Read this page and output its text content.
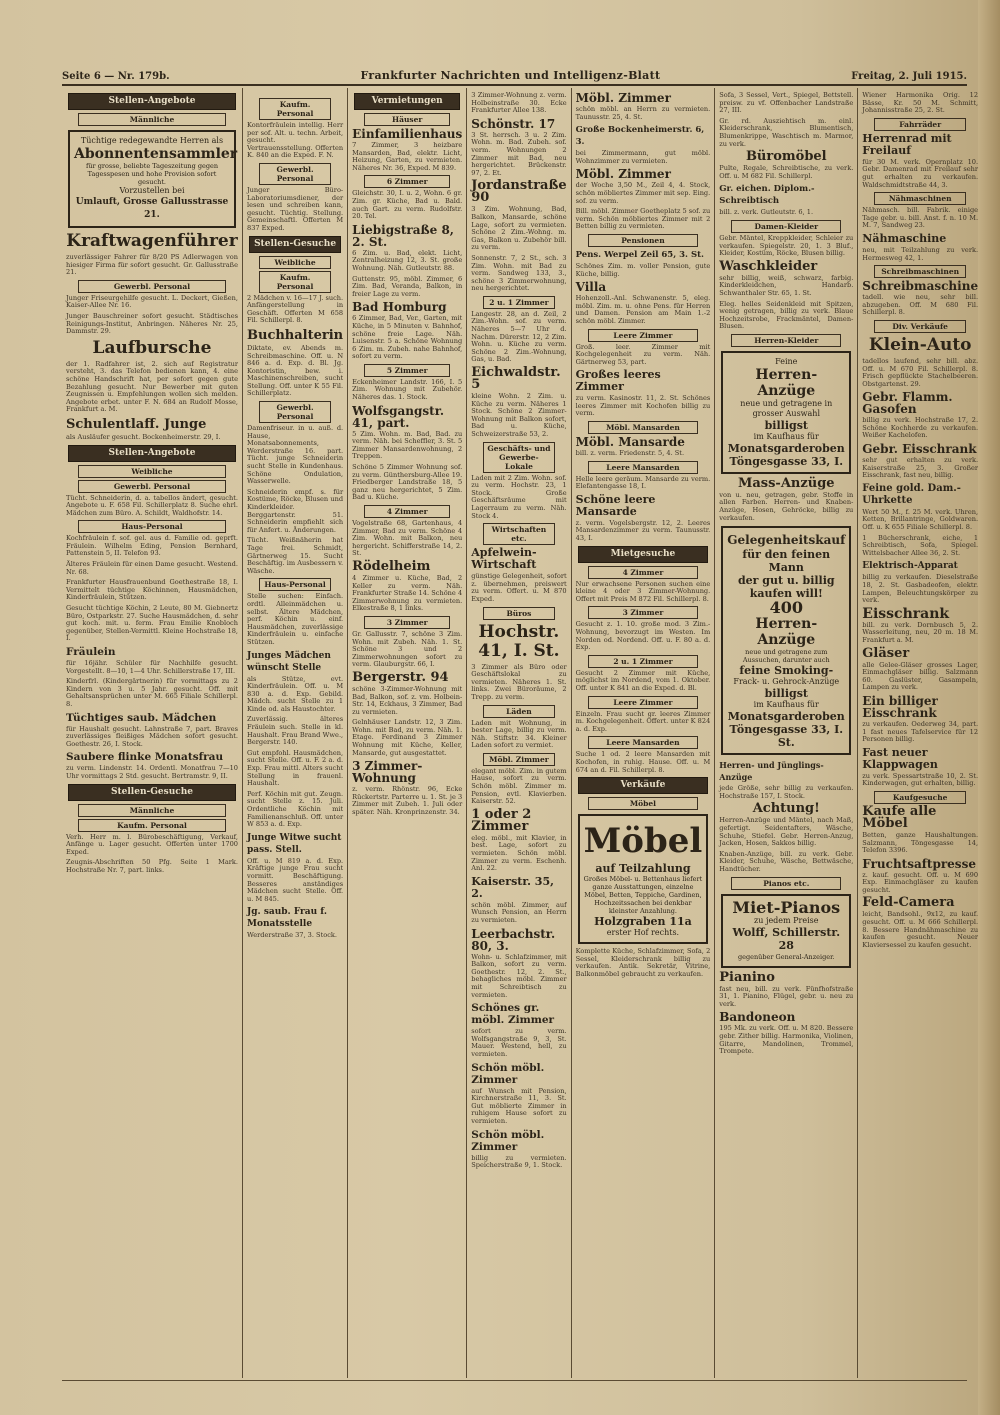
Seite 6 — Nr. 179b.	Frankfurter Nachrichten und Intelligenz-Blatt	Freitag, 2. Juli 1915.
Stellen-Angebote
Männliche
Tüchtige redegewandte Herren als
Abonnentensammler
für grosse, beliebte Tageszeitung gegen Tagesspesen und hohe Provision sofort gesucht.
Vorzustellen bei
Umlauft, Grosse Gallusstrasse 21.
Kraftwagenführer
zuverlässiger Fahrer für 8/20 PS Adlerwagen von hiesiger Firma für sofort gesucht. Gr. Gallusstraße 21.
Gewerbl. Personal
Junger Friseurgehilfe gesucht. L. Deckert, Gießen, Kaiser-Allee Nr. 16.
Junger Bauschreiner sofort gesucht. Städtisches Reinigungs-Institut, Anbringen. Näheres Nr. 25, Dammstr. 29.
Laufbursche
der 1. Radfahrer ist, 2. sich auf Registratur versteht, 3. das Telefon bedienen kann, 4. eine schöne Handschrift hat, per sofort gegen gute Bezahlung gesucht. Nur Bewerber mit guten Zeugnissen u. Empfehlungen wollen sich melden. Angebote erbet. unter F. N. 684 an Rudolf Mosse, Frankfurt a. M.
Schulentlaff. Junge
als Ausläufer gesucht. Bockenheimerstr. 29, I.
Stellen-Angebote
Weibliche
Gewerbl. Personal
Tücht. Schneiderin, d. a. tabellos ändert, gesucht. Angebote u. F. 658 Fil. Schillerplatz 8. Suche ehrl. Mädchen zum Büro. A. Schildt, Waldhofstr. 14.
Haus-Personal
Kochfräulein f. sof. gel. aus d. Familie od. geprft. Fräulein. Wilhelm Eding, Pension Bernhard, Pattenstein 5, II. Telefon 93.
Älteres Fräulein für einen Dame gesucht. Westend. Nr. 68.
Frankfurter Hausfrauenbund Goethestraße 18, I. Vermittelt tüchtige Köchinnen, Hausmädchen, Kinderfräulein, Stützen.
Gesucht tüchtige Köchin, 2 Leute, 80 M. Giebnertz Büro, Ostparkstr. 27. Suche Hausmädchen, d. sehr gut koch. mit. u. ferm. Frau Emilie Knobloch gegenüber, Stellen-Vermittl. Kleine Hochstraße 18, I.
Fräulein
für 16jähr. Schüler für Nachhilfe gesucht. Vorgestellt. 8—10, 1—4 Uhr. Schillerstraße 17, III.
Kinderfrl. (Kindergärtnerin) für vormittags zu 2 Kindern von 3 u. 5 Jahr. gesucht. Off. mit Gehaltsansprüchen unter M. 665 Filiale Schillerpl. 8.
Tüchtiges saub. Mädchen
für Haushalt gesucht. Lahnstraße 7, part. Braves zuverlässiges fleißiges Mädchen sofort gesucht. Goethestr. 26, I. Stock.
Saubere flinke Monatsfrau
zu verm. Lindenstr. 14. Ordentl. Monatfrau 7—10 Uhr vormittags 2 Std. gesucht. Bertramstr. 9, II.
Stellen-Gesuche
Männliche
Kaufm. Personal
Verh. Herr m. l. Bürobeschäftigung, Verkauf, Anfänge u. Lager gesucht. Offerten unter 1700 Exped.
Zeugnis-Abschriften 50 Pfg. Seite 1 Mark. Hochstraße Nr. 7, part. links.
Kaufm. Personal
Kontorfräulein intellig. Herr per sof. Alt. u. techn. Arbeit, gesucht. Vertrauensstellung. Offerten K. 840 an die Exped. F. N.
Gewerbl. Personal
Junger Büro-Laboratoriumsdiener, der lesen und schreiben kann, gesucht. Tüchtig. Stellung. Gemeinschaftl. Offerten M 837 Exped.
Stellen-Gesuche
Weibliche
Kaufm. Personal
2 Mädchen v. 16—17 J. such. Anfängerstellung in Geschäft. Offerten M 658 Fil. Schillerpl. 8.
Buchhalterin
Diktate, ev. Abends m. Schreibmaschine. Off. u. N 846 a. d. Exp. d. Bl. Jg. Kontoristin, bew. i. Maschinenschreiben, sucht Stellung. Off. unter K 55 Fil. Schillerplatz.
Gewerbl. Personal
Damenfriseur. in u. auß. d. Hause, Monatsabonnements, Werderstraße 16. part. Tücht. junge Schneiderin sucht Stelle in Kundenhaus. Schöne Ondulation, Wasserwelle.
Schneiderin empf. s. für Kostüme, Röcke, Blusen und Kinderkleider. Berggartenstr. 51. Schneiderin empfiehlt sich für Anfert. u. Änderungen.
Tücht. Weißnäherin hat Tage frei. Schmidt, Gärtnerweg 15. Sucht Beschäftig. im Ausbessern v. Wäsche.
Haus-Personal
Stelle suchen: Einfach. ordtl. Alleinmädchen u. selbst. Ältere Mädchen, perf. Köchin u. einf. Hausmädchen, zuverlässige Kinderfräulein u. einfache Stützen.
Junges Mädchen wünscht Stelle
als Stütze, evt. Kinderfräulein. Off. u. M 830 a. d. Exp. Gebild. Mädch. sucht Stelle zu 1 Kinde od. als Haustochter.
Zuverlässig. älteres Fräulein such. Stelle in kl. Haushalt. Frau Brand Wwe., Bergerstr. 140.
Gut empfohl. Hausmädchen, sucht Stelle. Off. u. F. 2 a. d. Exp. Frau mittl. Alters sucht Stellung in frauenl. Haushalt.
Perf. Köchin mit gut. Zeugn. sucht Stelle z. 15. Juli. Ordentliche Köchin mit Familienanschluß. Off. unter W 853 a. d. Exp.
Junge Witwe sucht pass. Stell.
Off. u. M 819 a. d. Exp. Kräftige junge Frau sucht vormitt. Beschäftigung. Besseres anständiges Mädchen sucht Stelle. Off. u. M 845.
Jg. saub. Frau f. Monatsstelle
Werderstraße 37, 3. Stock.
Vermietungen
Häuser
Einfamilienhaus
7 Zimmer, 3 heizbare Mansarden, Bad, elektr. Licht, Heizung, Garten, zu vermieten. Näheres Nr. 36, Exped. M 839.
6 Zimmer
Gleichstr. 30, I. u. 2, Wohn. 6 gr. Zim. gr. Küche, Bad u. Bald. auch Gart. zu verm. Rudolfstr. 20. Tel.
Liebigstraße 8, 2. St.
6 Zim. u. Bad, elekt. Licht, Zentralheizung 12, 3. St. große Wohnung. Näh. Gutleutstr. 88.
Guttenstr. 95, möbl. Zimmer, 6 Zim. Bad, Veranda, Balkon, in freier Lage zu verm.
Bad Homburg
6 Zimmer, Bad, Ver., Garten, mit Küche, in 5 Minuten v. Bahnhof, schöne freie Lage. Näh. Luisenstr. 5 a. Schöne Wohnung 6 Zim. m. Zubeh. nahe Bahnhof, sofort zu verm.
5 Zimmer
Eckenheimer Landstr. 166, I. 5 Zim. Wohnung mit Zubehör. Näheres das. 1. Stock.
Wolfsgangstr. 41, part.
5 Zim. Wohn. m. Bad, Bad. zu verm. Näh. bei Scheffler, 3. St. 5 Zimmer Mansardenwohnung, 2 Treppen.
Schöne 5 Zimmer Wohnung sof. zu verm. Günthersburg-Allee 19. Friedberger Landstraße 18, 5 ganz neu hergerichtet, 5 Zim. Bad u. Küche.
4 Zimmer
Vogelstraße 68, Gartenhaus, 4 Zimmer, Bad zu verm. Schöne 4 Zim. Wohn. mit Balkon, neu hergericht. Schifferstraße 14, 2. St.
Rödelheim
4 Zimmer u. Küche, Bad, 2 Keller zu verm. Näh. Frankfurter Straße 14. Schöne 4 Zimmerwohnung zu vermieten. Elkestraße 8, 1 links.
3 Zimmer
Gr. Gallusstr. 7, schöne 3 Zim. Wohn. mit Zubeh. Näh. 1. St. Schöne 3 und 2 Zimmerwohnungen sofort zu verm. Glauburgstr. 66, I.
Bergerstr. 94
schöne 3-Zimmer-Wohnung mit Bad, Balkon, sof. z. vm. Holbein-Str. 14, Eckhaus, 3 Zimmer, Bad zu vermieten.
Gelnhäuser Landstr. 12, 3 Zim. Wohn. mit Bad, zu verm. Näh. 1. Etage. Ferdinand 3 Zimmer Wohnung mit Küche, Keller, Mansarde, gut ausgestattet.
3 Zimmer-Wohnung
z. verm. Rhönstr. 96, Ecke Rückertstr. Parterre u. 1. St. je 3 Zimmer mit Zubeh. 1. Juli oder später. Näh. Kronprinzenstr. 34.
3 Zimmer-Wohnung z. verm. Holbeinstraße 30. Ecke Frankfurter Allee 138.
Schönstr. 17
3 St. herrsch. 3 u. 2 Zim. Wohn. m. Bad. Zubeh. sof. verm. Wohnungen 2 Zimmer mit Bad, neu hergerichtet. Brückenstr. 97, 2. Et.
Jordanstraße 90
3 Zim. Wohnung, Bad, Balkon, Mansarde, schöne Lage, sofort zu vermieten. Schöne 2 Zim.-Wohng. m. Gas, Balkon u. Zubehör bill. zu verm.
Sonnenstr. 7, 2 St., sch. 3 Zim. Wohn. mit Bad zu verm. Sandweg 133, 3., schöne 3 Zimmerwohnung, neu hergerichtet.
2 u. 1 Zimmer
Langestr. 28, an d. Zeil, 2 Zim.-Wohn. sof. zu verm. Näheres 5—7 Uhr d. Nachm. Dürerstr. 12, 2 Zim. Wohn. u. Küche zu verm. Schöne 2 Zim.-Wohnung, Gas, u. Bad.
Eichwaldstr. 5
kleine Wohn. 2 Zim. u. Küche zu verm. Näheres 1 Stock. Schöne 2 Zimmer-Wohnung mit Balkon sofort, Bad u. Küche, Schweizerstraße 53, 2.
Geschäfts- und Gewerbe-Lokale
Laden mit 2 Zim. Wohn. sof. zu verm. Hochstr. 23, 1 Stock. Große Geschäftsräume mit Lagerraum zu verm. Näh. Stock 4.
Wirtschaften etc.
Apfelwein-Wirtschaft
günstige Gelegenheit, sofort z. übernehmen, preiswert zu verm. Offert. u. M 870 Exped.
Büros
Hochstr. 41, I. St.
3 Zimmer als Büro oder Geschäftslokal zu vermieten. Näheres 1. St. links. Zwei Büroräume, 2 Trepp. zu verm.
Läden
Laden mit Wohnung, in bester Lage, billig zu verm. Näh. Stiftstr. 34. Kleiner Laden sofort zu vermiet.
Möbl. Zimmer
elegant möbl. Zim. in gutem Hause, sofort zu verm. Schön möbl. Zimmer m. Pension, evtl. Klavierben. Kaiserstr. 52.
1 oder 2 Zimmer
eleg. möbl., mit Klavier, in best. Lage, sofort zu vermieten. Schön möbl. Zimmer zu verm. Eschenh. Anl. 22.
Kaiserstr. 35, 2.
schön möbl. Zimmer, auf Wunsch Pension, an Herrn zu vermieten.
Leerbachstr. 80, 3.
Wohn- u. Schlafzimmer, mit Balkon, sofort zu verm. Goethestr. 12, 2. St., behagliches möbl. Zimmer mit Schreibtisch zu vermieten.
Schönes gr. möbl. Zimmer
sofort zu verm. Wolfsgangstraße 9, 3, St. Mauer. Westend, hell, zu vermieten.
Schön möbl. Zimmer
auf Wunsch mit Pension, Kirchnerstraße 11, 3. St. Gut möblierte Zimmer in ruhigem Hause sofort zu vermieten.
Schön möbl. Zimmer
billig zu vermieten. Speicherstraße 9, 1. Stock.
Möbl. Zimmer
schön möbl. an Herrn zu vermieten. Taunusstr. 25, 4. St.
Große Bockenheimerstr. 6, 3.
bei Zimmermann, gut möbl. Wohnzimmer zu vermieten.
Möbl. Zimmer
der Woche 3,50 M., Zeil 4, 4. Stock, schön möbliertes Zimmer mit sep. Eing. sof. zu verm.
Bill. möbl. Zimmer Goetheplatz 5 sof. zu verm. Schön möbliertes Zimmer mit 2 Betten billig zu vermieten.
Pensionen
Pens. Werpel Zeil 65, 3. St.
Schönes Zim. m. voller Pension, gute Küche, billig.
Villa
Hohenzoll.-Anl. Schwanenstr. 5, eleg. möbl. Zim. m. u. ohne Pens. für Herren und Damen. Pension am Main 1.-2 schön möbl. Zimmer.
Leere Zimmer
Groß. leer. Zimmer mit Kochgelegenheit zu verm. Näh. Gärtnerweg 53, part.
Großes leeres Zimmer
zu verm. Kasinostr. 11, 2. St. Schönes leeres Zimmer mit Kochofen billig zu verm.
Möbl. Mansarden
Möbl. Mansarde
bill. z. verm. Friedenstr. 5, 4. St.
Leere Mansarden
Helle leere geräum. Mansarde zu verm. Elefantengasse 18, I.
Schöne leere Mansarde
z. verm. Vogelsbergstr. 12, 2. Leeres Mansardenzimmer zu verm. Taunusstr. 43, I.
Mietgesuche
4 Zimmer
Nur erwachsene Personen suchen eine kleine 4 oder 3 Zimmer-Wohnung. Offert mit Preis M 872 Fil. Schillerpl. 8.
3 Zimmer
Gesucht z. 1. 10. große mod. 3 Zim.-Wohnung, bevorzugt im Westen. Im Norden od. Nordend. Off. u. F. 80 a. d. Exp.
2 u. 1 Zimmer
Gesucht 2 Zimmer mit Küche, möglichst im Nordend, vom 1. Oktober. Off. unter K 841 an die Exped. d. Bl.
Leere Zimmer
Einzeln. Frau sucht gr. leeres Zimmer m. Kochgelegenheit. Offert. unter K 824 a. d. Exp.
Leere Mansarden
Suche 1 od. 2 leere Mansarden mit Kochofen, in ruhig. Hause. Off. u. M 674 an d. Fil. Schillerpl. 8.
Verkäufe
Möbel
Möbel
auf Teilzahlung
Großes Möbel- u. Bettenhaus liefert ganze Ausstattungen, einzelne Möbel, Betten, Teppiche, Gardinen, Hochzeitssachen bei denkbar kleinster Anzahlung.
Holzgraben 11a
erster Hof rechts.
Komplette Küche, Schlafzimmer, Sofa, 2 Sessel, Kleiderschrank billig zu verkaufen. Antik. Sekretär, Vitrine, Balkonmöbel gebraucht zu verkaufen.
Sofa, 3 Sessel, Vert., Spiegel, Bettstell. preisw. zu vf. Offenbacher Landstraße 27, III.
Gr. rd. Ausziehtisch m. einl. Kleiderschrank, Blumentisch, Blumenkrippe, Waschtisch m. Marmor, zu verk.
Büromöbel
Pulte, Regale, Schreibtische, zu verk. Off. u. M 682 Fil. Schillerpl.
Gr. eichen. Diplom.-Schreibtisch
bill. z. verk. Gutleutstr. 6, 1.
Damen-Kleider
Gebr. Mäntel, Kreppkleider, Schleier zu verkaufen. Spiegelstr. 20, 1. 3 Bluf., Kleider, Kostüm, Röcke, Blusen billig.
Waschkleider
sehr billig, weiß, schwarz, farbig. Kinderkleidchen, Handarb. Schwanthaler Str. 65, 1. St.
Eleg. helles Seidenkleid mit Spitzen, wenig getragen, billig zu verk. Blaue Hochzeitsrobe, Frackmäntel, Damen-Blusen.
Herren-Kleider
Feine
Herren-Anzüge
neue und getragene in grosser Auswahl
billigst
im Kaufhaus für
Monatsgarderoben
Töngesgasse 33, I.
Mass-Anzüge
von u. neu, getragen, gebr. Stoffe in allen Farben. Herren- und Knaben-Anzüge, Hosen, Gehröcke, billig zu verkaufen.
Gelegenheitskauf
für den feinen Mann
der gut u. billig
kaufen will!
400
Herren-Anzüge
neue und getragene zum Aussuchen, darunter auch
feine Smoking-
Frack- u. Gehrock-Anzüge
billigst
im Kaufhaus für
Monatsgarderoben
Töngesgasse 33, I. St.
Herren- und Jünglings-Anzüge
jede Größe, sehr billig zu verkaufen. Hochstraße 157, I. Stock.
Achtung!
Herren-Anzüge und Mäntel, nach Maß, gefertigt. Seidentafters, Wäsche, Schuhe, Stiefel. Gebr. Herren-Anzug, Jacken, Hosen, Sakkos billig.
Knaben-Anzüge, bill. zu verk. Gebr. Kleider, Schuhe, Wäsche, Bettwäsche, Handtücher.
Pianos etc.
Miet-Pianos
zu jedem Preise
Wolff, Schillerstr. 28
gegenüber General-Anzeiger.
Pianino
fast neu, bill. zu verk. Fünfhofstraße 31, 1. Pianino, Flügel, gebr. u. neu zu verk.
Bandoneon
195 Mk. zu verk. Off. u. M 820. Bessere gebr. Zither billig. Harmonika, Violinen, Gitarre, Mandolinen, Trommel, Trompete.
Wiener Harmonika Orig. 12 Bässe, Kr. 50 M. Schmitt, Johannisstraße 25, 2. St.
Fahrräder
Herrenrad mit Freilauf
für 30 M. verk. Opernplatz 10. Gebr. Damenrad mit Freilauf sehr gut erhalten zu verkaufen. Waldschmidtstraße 44, 3.
Nähmaschinen
Nähmasch. bill. Fabrik. einige Tage gebr. u. bill. Anst. f. n. 10 M. M. 7, Sandweg 23.
Nähmaschine
neu, mit Teilzahlung zu verk. Hermesweg 42, 1.
Schreibmaschinen
Schreibmaschine
tadell. wie neu, sehr bill. abzugeben. Off. M 680 Fil. Schillerpl. 8.
Div. Verkäufe
Klein-Auto
tadellos laufend, sehr bill. abz. Off. u. M 670 Fil. Schillerpl. 8. Frisch gepflückte Stachelbeeren. Obstgartenst. 29.
Gebr. Flamm. Gasofen
billig zu verk. Hochstraße 17, 2. Schöne Kochherde zu verkaufen. Weißer Kachelofen.
Gebr. Eisschrank
sehr gut erhalten zu verk. Kaiserstraße 25, 3. Großer Eisschrank, fast neu, billig.
Feine gold. Dam.-Uhrkette
Wert 50 M., f. 25 M. verk. Uhren, Ketten, Brillantringe, Goldwaren. Off. u. K 655 Filiale Schillerpl. 8.
1 Bücherschrank, eiche, 1 Schreibtisch, Sofa, Spiegel. Wittelsbacher Allee 36, 2. St.
Elektrisch-Apparat
billig zu verkaufen. Dieselstraße 18, 2. St. Gasbadeofen, elektr. Lampen, Beleuchtungskörper zu verk.
Eisschrank
bill. zu verk. Dornbusch 5, 2. Wasserleitung, neu, 20 m. 18 M. Frankfurt a. M.
Gläser
alle Gelee-Gläser grosses Lager, Einmachgläser billig. Salzmann 60. Gaslüster, Gasampeln, Lampen zu verk.
Ein billiger Eisschrank
zu verkaufen. Oederweg 34, part. 1 fast neues Tafelservice für 12 Personen billig.
Fast neuer Klappwagen
zu verk. Spessartstraße 10, 2. St. Kinderwagen, gut erhalten, billig.
Kaufgesuche
Kaufe alle Möbel
Betten, ganze Haushaltungen. Salzmann, Töngesgasse 14, Telefon 3396.
Fruchtsaftpresse
z. kauf. gesucht. Off. u. M 690 Exp. Einmachgläser zu kaufen gesucht.
Feld-Camera
leicht, Bandsohl., 9x12, zu kauf. gesucht. Off. u. M 666 Schillerpl. 8. Bessere Handnähmaschine zu kaufen gesucht. Neuer Klaviersessel zu kaufen gesucht.
